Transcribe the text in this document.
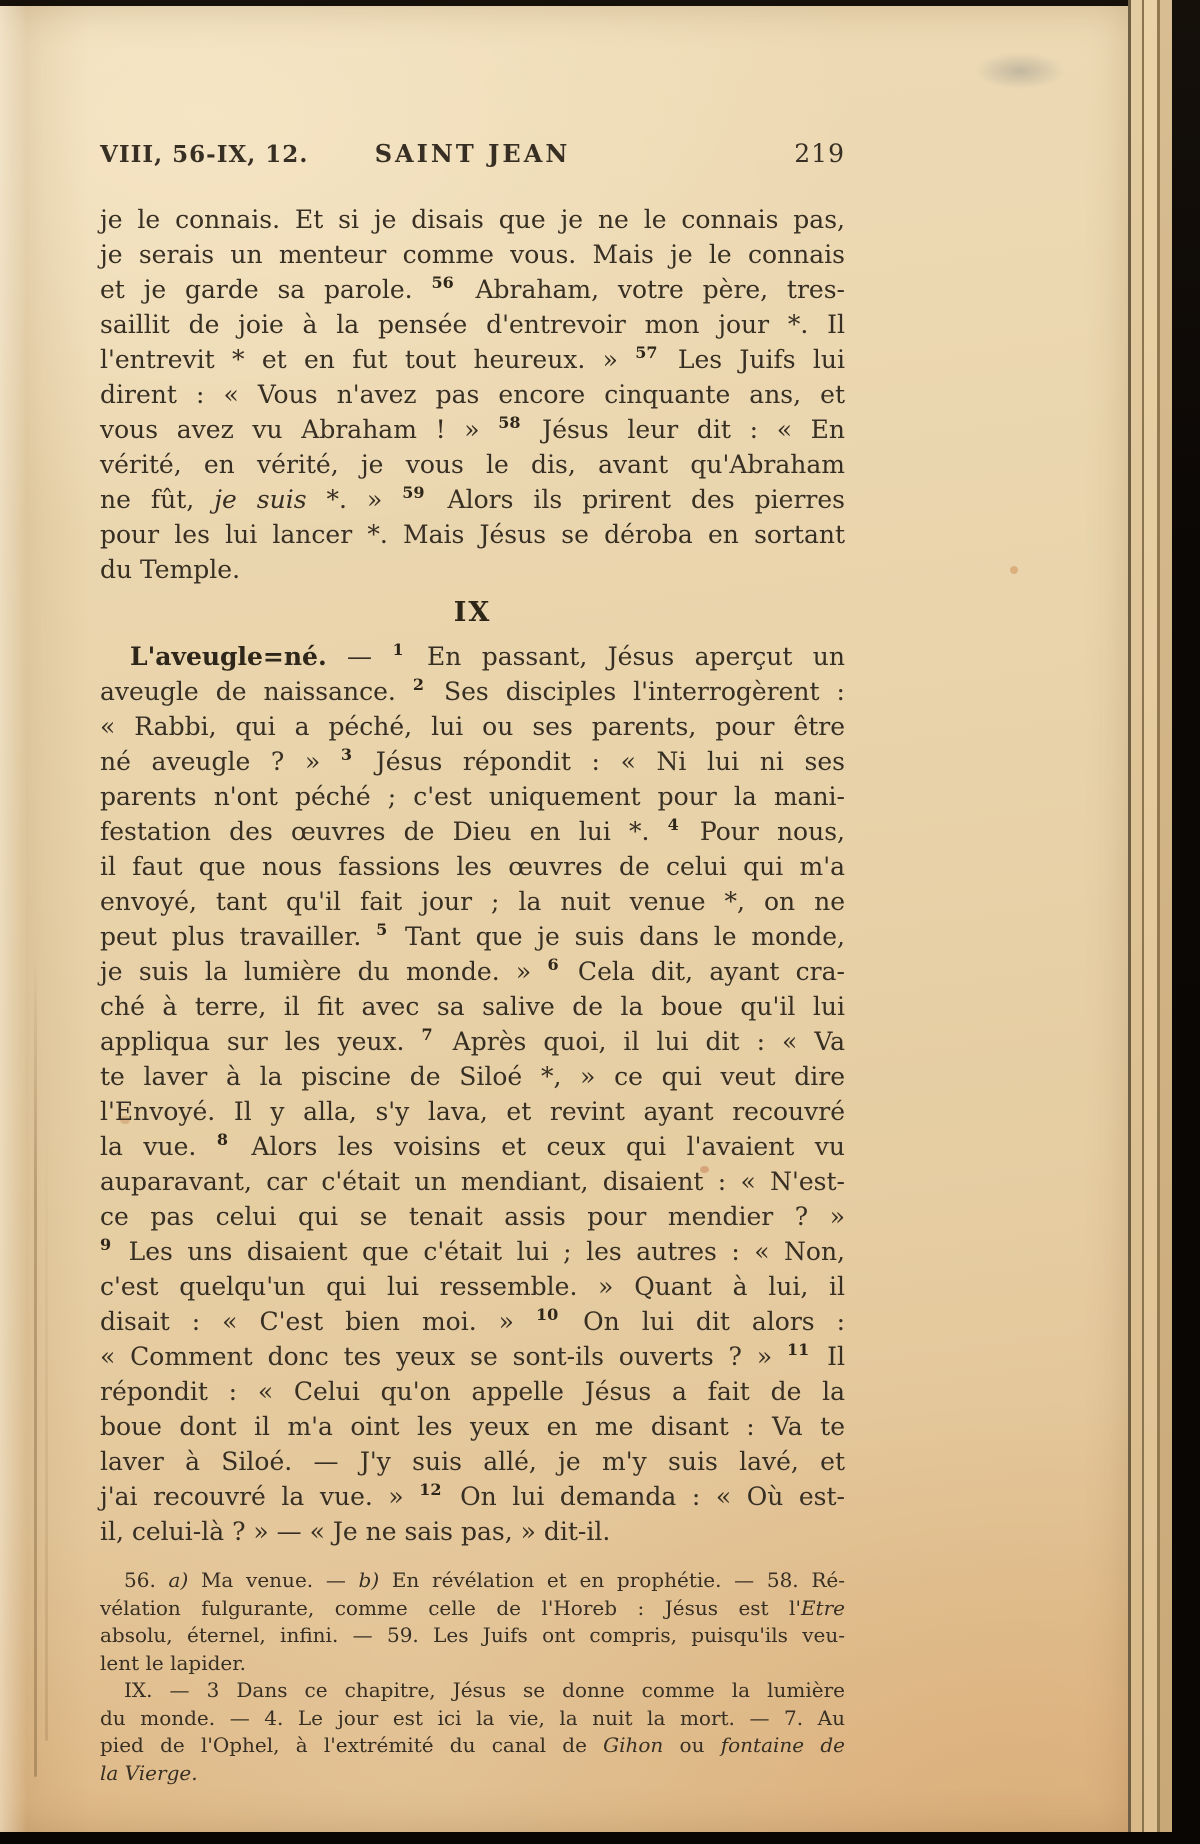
VIII, 56-IX, 12.	SAINT JEAN	219
je le connais. Et si je disais que je ne le connais pas,
je serais un menteur comme vous. Mais je le connais
et je garde sa parole. $^{56}$ Abraham, votre père, tres-
saillit de joie à la pensée d'entrevoir mon jour *. Il
l'entrevit * et en fut tout heureux. » $^{57}$ Les Juifs lui
dirent : « Vous n'avez pas encore cinquante ans, et
vous avez vu Abraham ! » $^{58}$ Jésus leur dit : « En
vérité, en vérité, je vous le dis, avant qu'Abraham
ne fût, je suis *. » $^{59}$ Alors ils prirent des pierres
pour les lui lancer *. Mais Jésus se déroba en sortant
du Temple.
IX
L'aveugle=né. — $^1$ En passant, Jésus aperçut un
aveugle de naissance. $^2$ Ses disciples l'interrogèrent :
« Rabbi, qui a péché, lui ou ses parents, pour être
né aveugle ? » $^3$ Jésus répondit : « Ni lui ni ses
parents n'ont péché ; c'est uniquement pour la mani-
festation des œuvres de Dieu en lui *. $^4$ Pour nous,
il faut que nous fassions les œuvres de celui qui m'a
envoyé, tant qu'il fait jour ; la nuit venue *, on ne
peut plus travailler. $^5$ Tant que je suis dans le monde,
je suis la lumière du monde. » $^6$ Cela dit, ayant cra-
ché à terre, il fit avec sa salive de la boue qu'il lui
appliqua sur les yeux. $^7$ Après quoi, il lui dit : « Va
te laver à la piscine de Siloé *, » ce qui veut dire
l'Envoyé. Il y alla, s'y lava, et revint ayant recouvré
la vue. $^8$ Alors les voisins et ceux qui l'avaient vu
auparavant, car c'était un mendiant, disaient : « N'est-
ce pas celui qui se tenait assis pour mendier ? »
$^9$ Les uns disaient que c'était lui ; les autres : « Non,
c'est quelqu'un qui lui ressemble. » Quant à lui, il
disait : « C'est bien moi. » $^{10}$ On lui dit alors :
« Comment donc tes yeux se sont-ils ouverts ? » $^{11}$ Il
répondit : « Celui qu'on appelle Jésus a fait de la
boue dont il m'a oint les yeux en me disant : Va te
laver à Siloé. — J'y suis allé, je m'y suis lavé, et
j'ai recouvré la vue. » $^{12}$ On lui demanda : « Où est-
il, celui-là ? » — « Je ne sais pas, » dit-il.
56. a) Ma venue. — b) En révélation et en prophétie. — 58. Ré-
vélation fulgurante, comme celle de l'Horeb : Jésus est l'Etre
absolu, éternel, infini. — 59. Les Juifs ont compris, puisqu'ils veu-
lent le lapider.
IX. — 3 Dans ce chapitre, Jésus se donne comme la lumière
du monde. — 4. Le jour est ici la vie, la nuit la mort. — 7. Au
pied de l'Ophel, à l'extrémité du canal de Gihon ou fontaine de
la Vierge.
